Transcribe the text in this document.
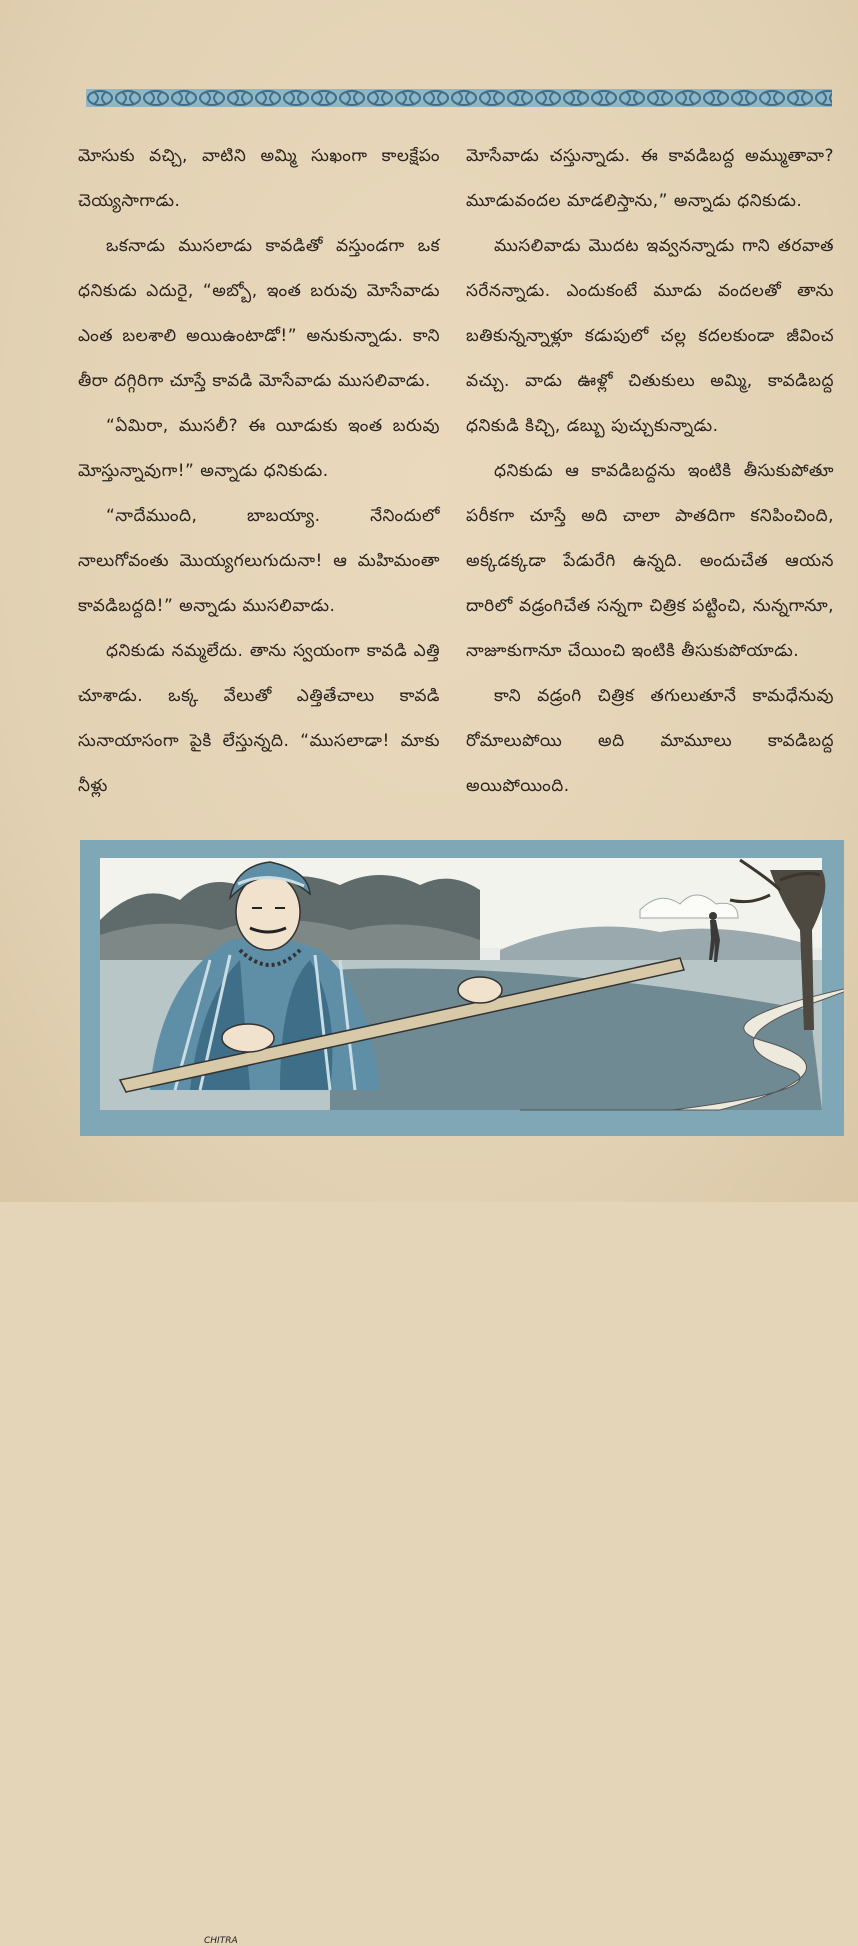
మోసుకు వచ్చి, వాటిని అమ్మి సుఖంగా కాలక్షేపం చెయ్యసాగాడు.

ఒకనాడు ముసలాడు కావడితో వస్తుండగా ఒక ధనికుడు ఎదురై, “అబ్బో, ఇంత బరువు మోసేవాడు ఎంత బలశాలి అయిఉంటాడో!” అనుకున్నాడు. కాని తీరా దగ్గిరిగా చూస్తే కావడి మోసేవాడు ముసలివాడు.

“ఏమిరా, ముసలీ? ఈ యీడుకు ఇంత బరువు మోస్తున్నావుగా!” అన్నాడు ధనికుడు.

“నాదేముంది, బాబయ్యా. నేనిందులో నాలుగోవంతు మొయ్యగలుగుదునా! ఆ మహిమంతా కావడిబద్దది!” అన్నాడు ముసలివాడు.

ధనికుడు నమ్మలేదు. తాను స్వయంగా కావడి ఎత్తి చూశాడు. ఒక్క వేలుతో ఎత్తితేచాలు కావడి సునాయాసంగా పైకి లేస్తున్నది. “ముసలాడా! మాకు నీళ్లు

మోసేవాడు చస్తున్నాడు. ఈ కావడిబద్ద అమ్ముతావా? మూడువందల మాడలిస్తాను,” అన్నాడు ధనికుడు.

ముసలివాడు మొదట ఇవ్వనన్నాడు గాని తరవాత సరేనన్నాడు. ఎందుకంటే మూడు వందలతో తాను బతికున్నన్నాళ్లూ కడుపులో చల్ల కదలకుండా జీవించ వచ్చు. వాడు ఊళ్లో చితుకులు అమ్మి, కావడిబద్ద ధనికుడి కిచ్చి, డబ్బు పుచ్చుకున్నాడు.

ధనికుడు ఆ కావడిబద్దను ఇంటికి తీసుకుపోతూ పరీకగా చూస్తే అది చాలా పాతదిగా కనిపించింది, అక్కడక్కడా పేడురేగి ఉన్నది. అందుచేత ఆయన దారిలో వడ్రంగిచేత సన్నగా చిత్రిక పట్టించి, నున్నగానూ, నాజూకుగానూ చేయించి ఇంటికి తీసుకుపోయాడు.

కాని వడ్రంగి చిత్రిక తగులుతూనే కామధేనువు రోమాలుపోయి అది మామూలు కావడిబద్ద అయిపోయింది.

CHITRA
